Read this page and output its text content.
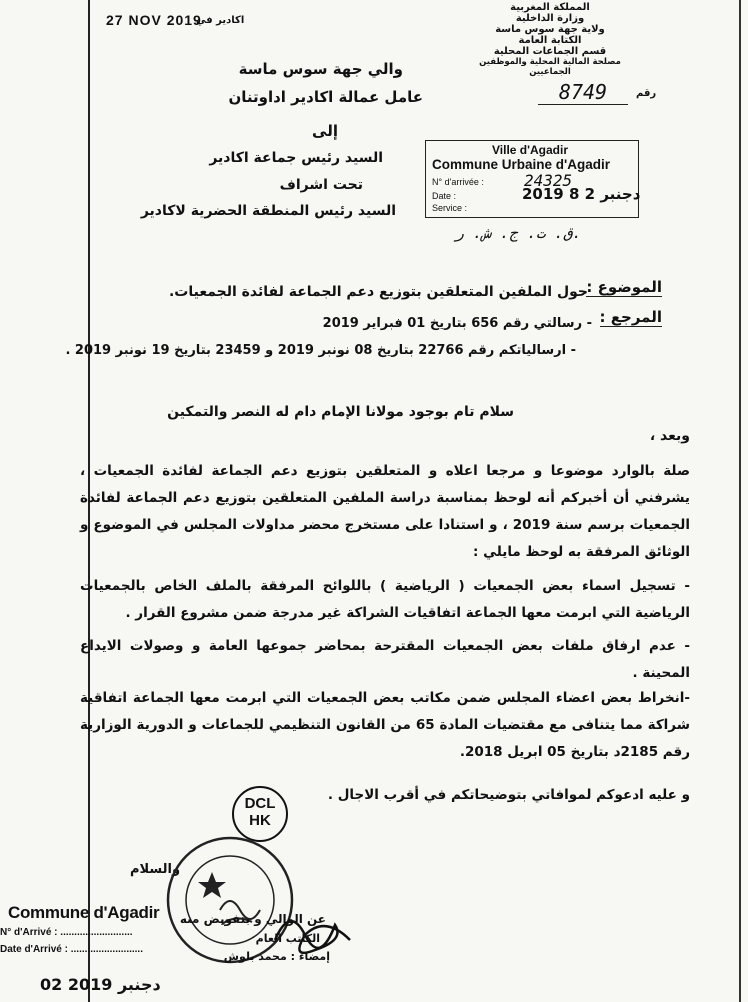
27 NOV 2019
اكادير في
المملكة المغربية
وزارة الداخلية
ولاية جهة سوس ماسة
الكتابة العامة
قسم الجماعات المحلية
مصلحة المالية المحلية والموظفين الجماعيين
رقم
8749
والي جهة سوس ماسة
عامل عمالة اكادير اداوتنان
إلى
السيد رئيس جماعة اكادير
تحت اشراف
السيد رئيس المنطقة الحضرية لاكادير
Ville d'Agadir
Commune Urbaine d'Agadir
N° d'arrivée :	24325
Date :	2019 دجنبر 2 8
Service :
ق. ت. ج. ش. ر.
الموضوع :
حول الملفين المتعلقين بتوزيع دعم الجماعة لفائدة الجمعيات.
المرجع :
- رسالتي رقم 656 بتاريخ 01 فبراير 2019
- ارسالياتكم رقم 22766 بتاريخ 08 نونبر 2019 و 23459 بتاريخ 19 نونبر 2019 .
سلام تام بوجود مولانا الإمام دام له النصر والتمكين
وبعد ،
صلة بالوارد موضوعا و مرجعا اعلاه و المتعلقين بتوزيع دعم الجماعة لفائدة الجمعيات ، يشرفني أن أخبركم أنه لوحظ بمناسبة دراسة الملفين المتعلقين بتوزيع دعم الجماعة لفائدة الجمعيات برسم سنة 2019 ، و استنادا على مستخرج محضر مداولات المجلس في الموضوع و الوثائق المرفقة به لوحظ مايلي :
- تسجيل اسماء بعض الجمعيات ( الرياضية ) باللوائح المرفقة بالملف الخاص بالجمعيات الرياضية التي ابرمت معها الجماعة اتفاقيات الشراكة غير مدرجة ضمن مشروع القرار .
- عدم ارفاق ملفات بعض الجمعيات المقترحة بمحاضر جموعها العامة و وصولات الايداع المحينة .
-انخراط بعض اعضاء المجلس ضمن مكاتب بعض الجمعيات التي ابرمت معها الجماعة اتفاقية شراكة مما يتنافى مع مقتضيات المادة 65 من القانون التنظيمي للجماعات و الدورية الوزارية رقم 2185د بتاريخ 05 ابريل 2018.
و عليه ادعوكم لموافاتي بتوضيحاتكم في أقرب الاجال .
DCL
HK
والسلام
عن الوالي و بتفويض منه
الكاتب العام
إمضاء : محمد بلوش
Commune d'Agadir
N° d'Arrivé : ..........................
Date d'Arrivé : ..........................
02 دجنبر 2019
